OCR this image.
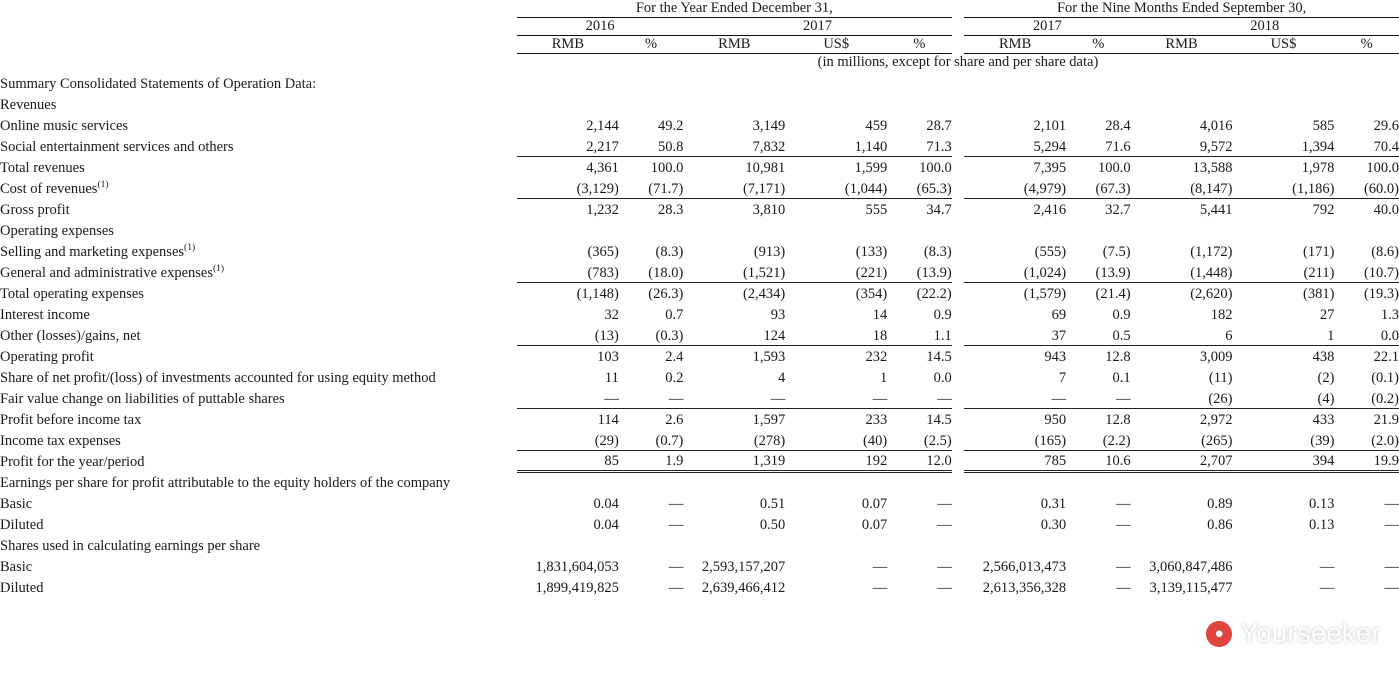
	For the Year Ended December 31,						For the Nine Months Ended September 30,				
	2016		2017				2017		2018		
	RMB	%	RMB	US$	%		RMB	%	RMB	US$	%
	(in millions, except for share and per share data)										
Summary Consolidated Statements of Operation Data:											
Revenues											
Online music services	2,144	49.2	3,149	459	28.7		2,101	28.4	4,016	585	29.6
Social entertainment services and others	2,217	50.8	7,832	1,140	71.3		5,294	71.6	9,572	1,394	70.4
Total revenues	4,361	100.0	10,981	1,599	100.0		7,395	100.0	13,588	1,978	100.0
Cost of revenues$^{(1)}$	(3,129)	(71.7)	(7,171)	(1,044)	(65.3)		(4,979)	(67.3)	(8,147)	(1,186)	(60.0)
Gross profit	1,232	28.3	3,810	555	34.7		2,416	32.7	5,441	792	40.0
Operating expenses											
Selling and marketing expenses$^{(1)}$	(365)	(8.3)	(913)	(133)	(8.3)		(555)	(7.5)	(1,172)	(171)	(8.6)
General and administrative expenses$^{(1)}$	(783)	(18.0)	(1,521)	(221)	(13.9)		(1,024)	(13.9)	(1,448)	(211)	(10.7)
Total operating expenses	(1,148)	(26.3)	(2,434)	(354)	(22.2)		(1,579)	(21.4)	(2,620)	(381)	(19.3)
Interest income	32	0.7	93	14	0.9		69	0.9	182	27	1.3
Other (losses)/gains, net	(13)	(0.3)	124	18	1.1		37	0.5	6	1	0.0
Operating profit	103	2.4	1,593	232	14.5		943	12.8	3,009	438	22.1
Share of net profit/(loss) of investments accounted for using equity method	11	0.2	4	1	0.0		7	0.1	(11)	(2)	(0.1)
Fair value change on liabilities of puttable shares	—	—	—	—	—		—	—	(26)	(4)	(0.2)
Profit before income tax	114	2.6	1,597	233	14.5		950	12.8	2,972	433	21.9
Income tax expenses	(29)	(0.7)	(278)	(40)	(2.5)		(165)	(2.2)	(265)	(39)	(2.0)
Profit for the year/period	85	1.9	1,319	192	12.0		785	10.6	2,707	394	19.9
Earnings per share for profit attributable to the equity holders of the company											
Basic	0.04	—	0.51	0.07	—		0.31	—	0.89	0.13	—
Diluted	0.04	—	0.50	0.07	—		0.30	—	0.86	0.13	—
Shares used in calculating earnings per share											
Basic	1,831,604,053	—	2,593,157,207	—	—		2,566,013,473	—	3,060,847,486	—	—
Diluted	1,899,419,825	—	2,639,466,412	—	—		2,613,356,328	—	3,139,115,477	—	—
● Yourseeker
